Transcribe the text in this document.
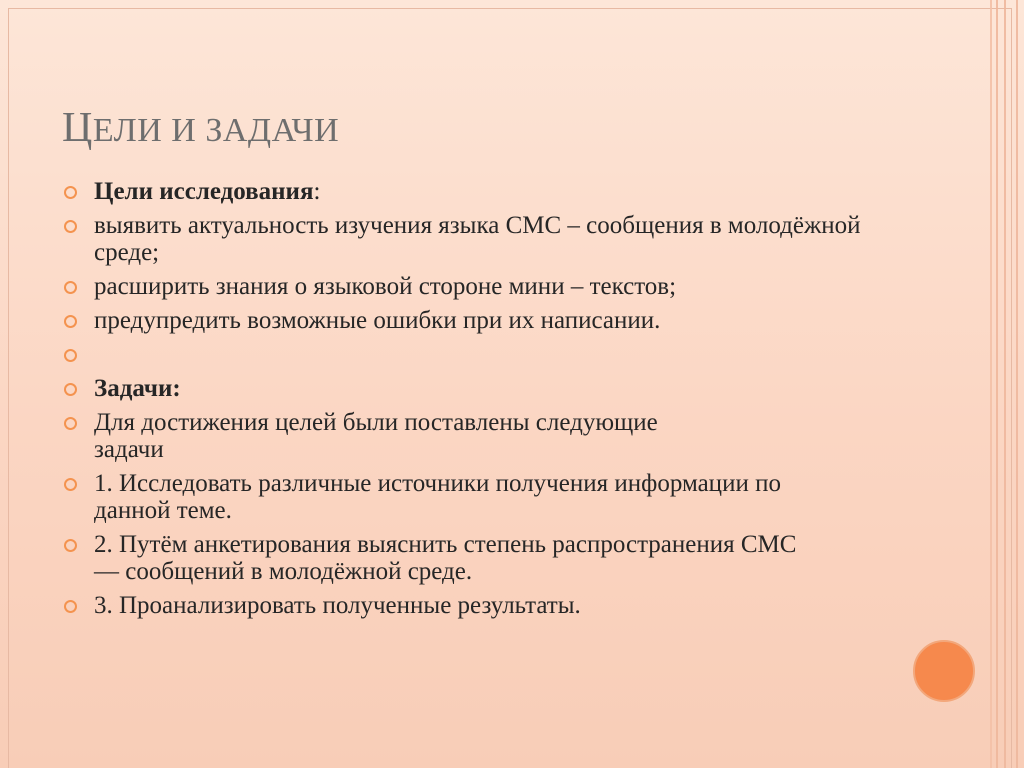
ЦЕЛИ И ЗАДАЧИ
Цели исследования:
выявить актуальность изучения языка СМС – сообщения в молодёжной среде;
расширить знания о языковой стороне мини – текстов;
предупредить возможные ошибки при их написании.
Задачи:
Для достижения целей были поставлены следующие задачи
1. Исследовать различные источники получения информации по данной теме.
2. Путём анкетирования выяснить степень распространения СМС — сообщений в молодёжной среде.
3. Проанализировать полученные результаты.
